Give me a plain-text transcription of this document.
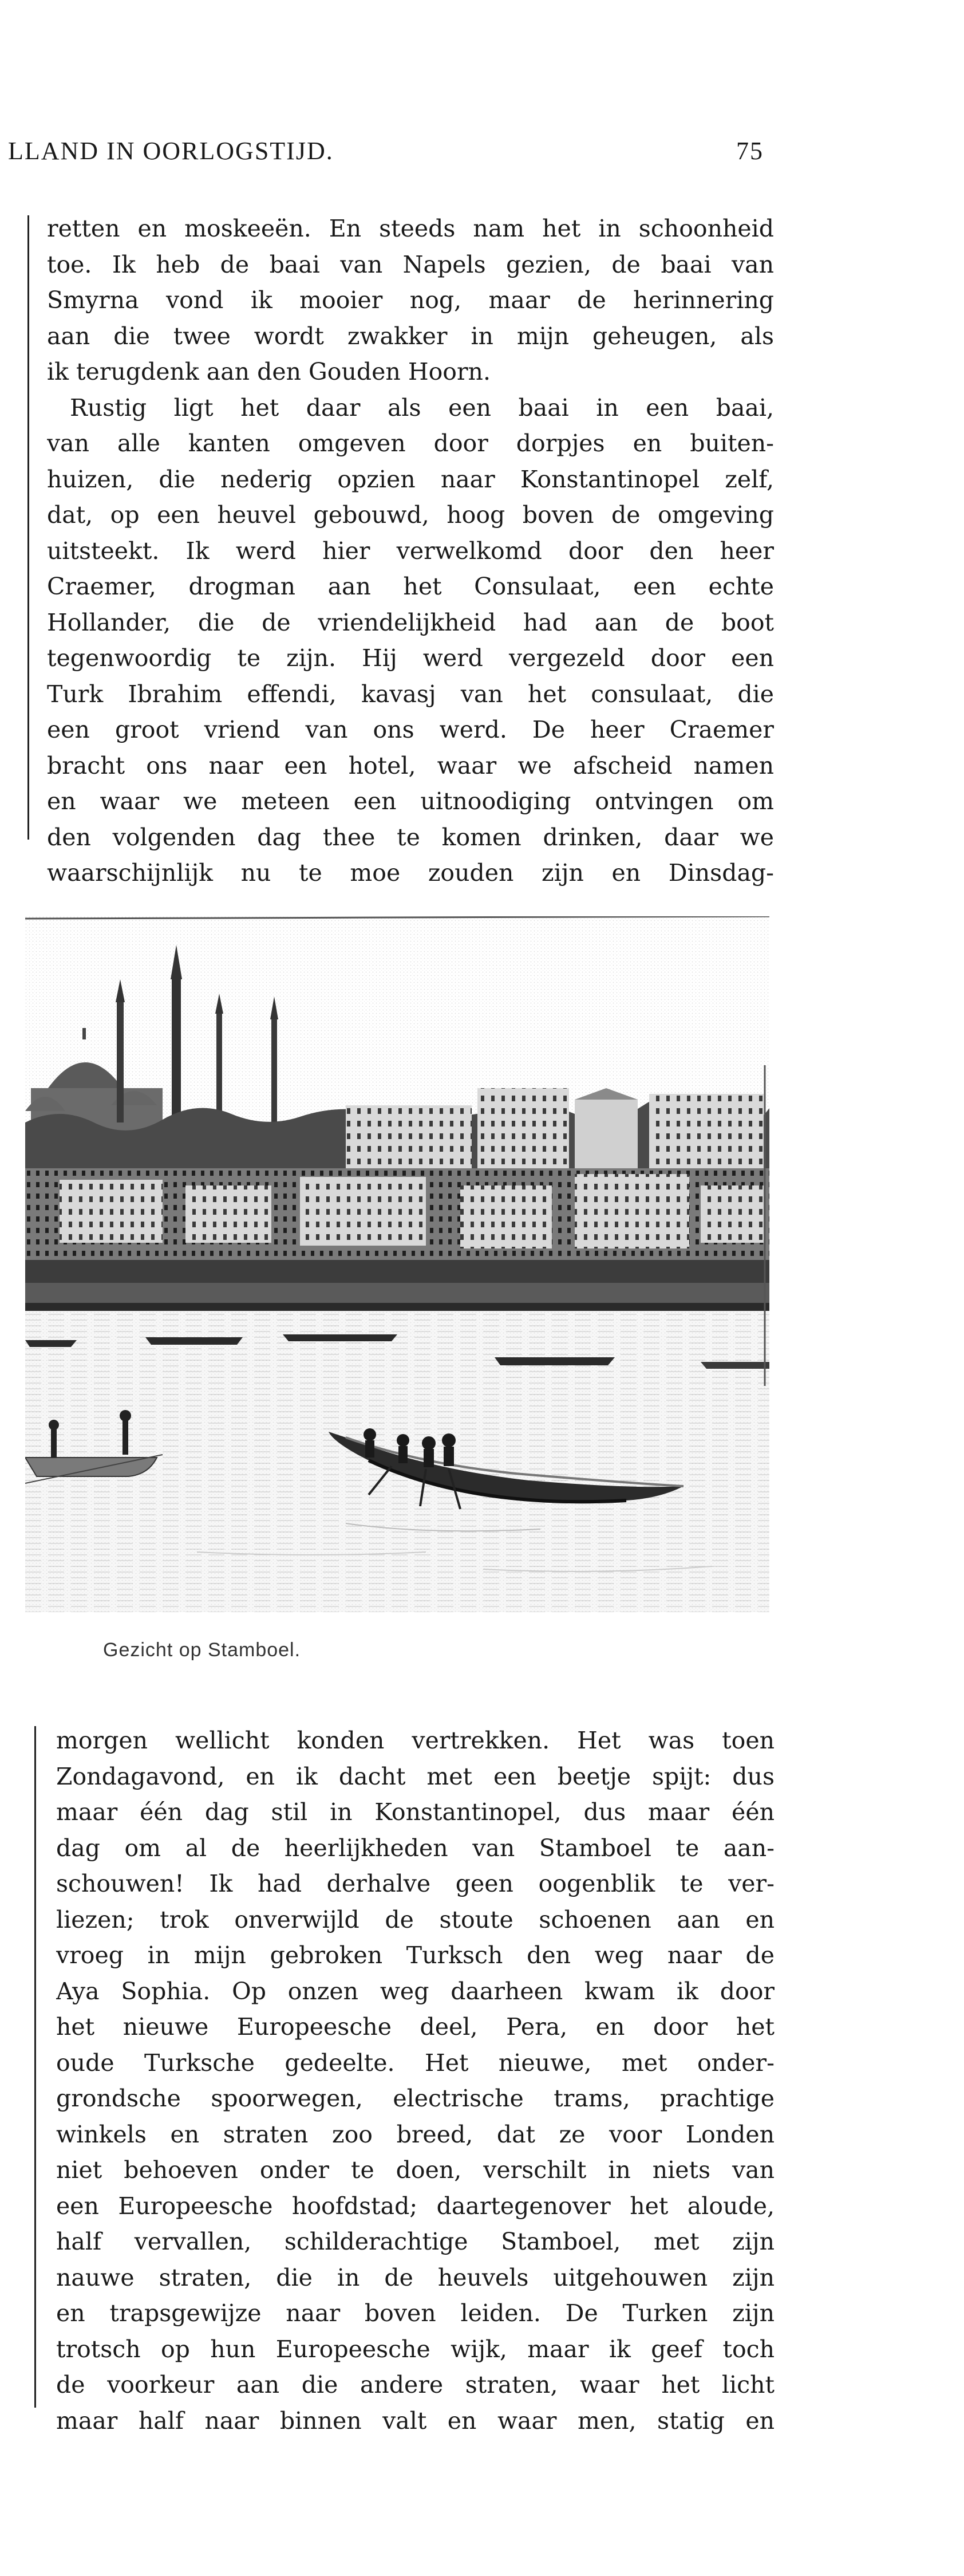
LLAND IN OORLOGSTIJD.	75
retten en moskeeën. En steeds nam het in schoonheid
toe. Ik heb de baai van Napels gezien, de baai van
Smyrna vond ik mooier nog, maar de herinnering
aan die twee wordt zwakker in mijn geheugen, als
ik terugdenk aan den Gouden Hoorn.
Rustig ligt het daar als een baai in een baai,
van alle kanten omgeven door dorpjes en buiten-
huizen, die nederig opzien naar Konstantinopel zelf,
dat, op een heuvel gebouwd, hoog boven de omgeving
uitsteekt. Ik werd hier verwelkomd door den heer
Craemer, drogman aan het Consulaat, een echte
Hollander, die de vriendelijkheid had aan de boot
tegenwoordig te zijn. Hij werd vergezeld door een
Turk Ibrahim effendi, kavasj van het consulaat, die
een groot vriend van ons werd. De heer Craemer
bracht ons naar een hotel, waar we afscheid namen
en waar we meteen een uitnoodiging ontvingen om
den volgenden dag thee te komen drinken, daar we
waarschijnlijk nu te moe zouden zijn en Dinsdag-
Gezicht op Stamboel.
morgen wellicht konden vertrekken. Het was toen
Zondagavond, en ik dacht met een beetje spijt: dus
maar één dag stil in Konstantinopel, dus maar één
dag om al de heerlijkheden van Stamboel te aan-
schouwen! Ik had derhalve geen oogenblik te ver-
liezen; trok onverwijld de stoute schoenen aan en
vroeg in mijn gebroken Turksch den weg naar de
Aya Sophia. Op onzen weg daarheen kwam ik door
het nieuwe Europeesche deel, Pera, en door het
oude Turksche gedeelte. Het nieuwe, met onder-
grondsche spoorwegen, electrische trams, prachtige
winkels en straten zoo breed, dat ze voor Londen
niet behoeven onder te doen, verschilt in niets van
een Europeesche hoofdstad; daartegenover het aloude,
half vervallen, schilderachtige Stamboel, met zijn
nauwe straten, die in de heuvels uitgehouwen zijn
en trapsgewijze naar boven leiden. De Turken zijn
trotsch op hun Europeesche wijk, maar ik geef toch
de voorkeur aan die andere straten, waar het licht
maar half naar binnen valt en waar men, statig en
